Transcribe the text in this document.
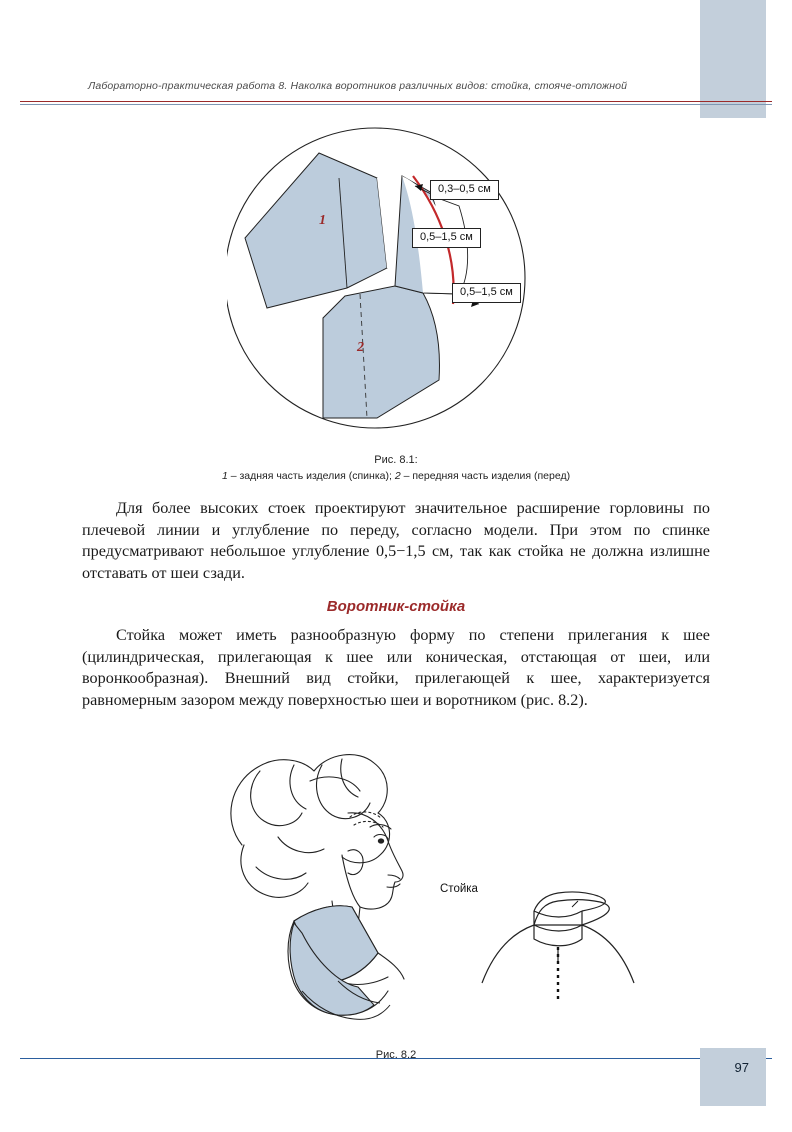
Лабораторно-практическая работа 8. Наколка воротников различных видов: стойка, стояче-отложной
97
0,3–0,5 см
0,5–1,5 см
0,5–1,5 см
1
2
Рис. 8.1:
1 – задняя часть изделия (спинка); 2 – передняя часть изделия (перед)

Для более высоких стоек проектируют значительное расширение горловины по плечевой линии и углубление по переду, согласно модели. При этом по спинке предусматривают небольшое углубление 0,5−1,5 см, так как стойка не должна излишне отставать от шеи сзади.

Воротник-стойка

Стойка может иметь разнообразную форму по степени прилегания к шее (цилиндрическая, прилегающая к шее или коническая, отстающая от шеи, или воронкообразная). Внешний вид стойки, прилегающей к шее, характеризуется равномерным зазором между поверхностью шеи и воротником (рис. 8.2).

Стойка
Рис. 8.2
